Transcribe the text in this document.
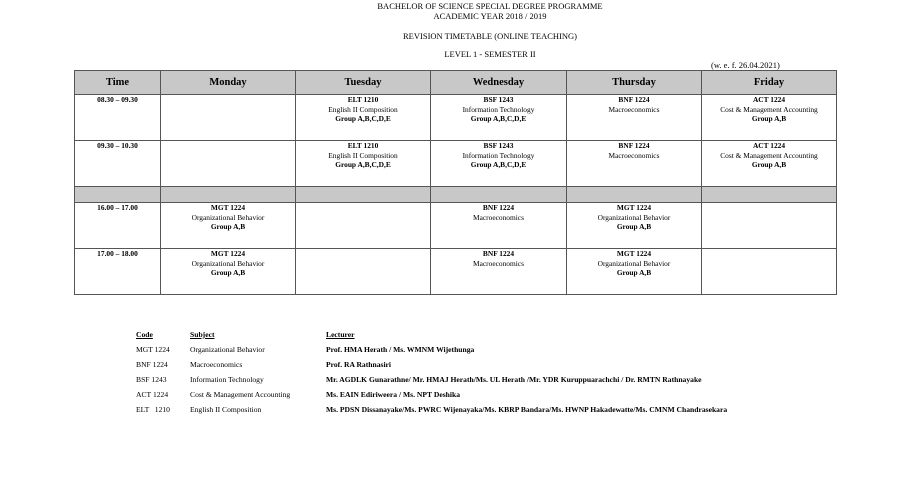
BACHELOR OF SCIENCE SPECIAL DEGREE PROGRAMME
ACADEMIC YEAR 2018 / 2019
REVISION TIMETABLE (ONLINE TEACHING)
LEVEL 1 - SEMESTER II
(w. e. f. 26.04.2021)
Time	Monday	Tuesday	Wednesday	Thursday	Friday
08.30 – 09.30		ELT 1210
English II Composition
Group A,B,C,D,E	BSF 1243
Information Technology
Group A,B,C,D,E	BNF 1224
Macroeconomics	ACT 1224
Cost & Management Accounting
Group A,B

09.30 – 10.30		ELT 1210
English II Composition
Group A,B,C,D,E	BSF 1243
Information Technology
Group A,B,C,D,E	BNF 1224
Macroeconomics	ACT 1224
Cost & Management Accounting
Group A,B

16.00 – 17.00	MGT 1224
Organizational Behavior
Group A,B		BNF 1224
Macroeconomics	MGT 1224
Organizational Behavior
Group A,B	

17.00 – 18.00	MGT 1224
Organizational Behavior
Group A,B		BNF 1224
Macroeconomics	MGT 1224
Organizational Behavior
Group A,B	

Code	Subject	Lecturer
MGT 1224	Organizational Behavior	Prof. HMA Herath / Ms. WMNM Wijethunga
BNF 1224	Macroeconomics	Prof. RA Rathnasiri
BSF 1243	Information Technology	Mr. AGDLK Gunarathne/ Mr. HMAJ Herath/Ms. UL Herath /Mr. YDR Kuruppuarachchi / Dr. RMTN Rathnayake
ACT 1224	Cost & Management Accounting	Ms. EAIN Ediriweera / Ms. NPT Deshika
ELT   1210	English II Composition	Ms. PDSN Dissanayake/Ms. PWRC Wijenayaka/Ms. KBRP Bandara/Ms. HWNP Hakadewatte/Ms. CMNM Chandrasekara
